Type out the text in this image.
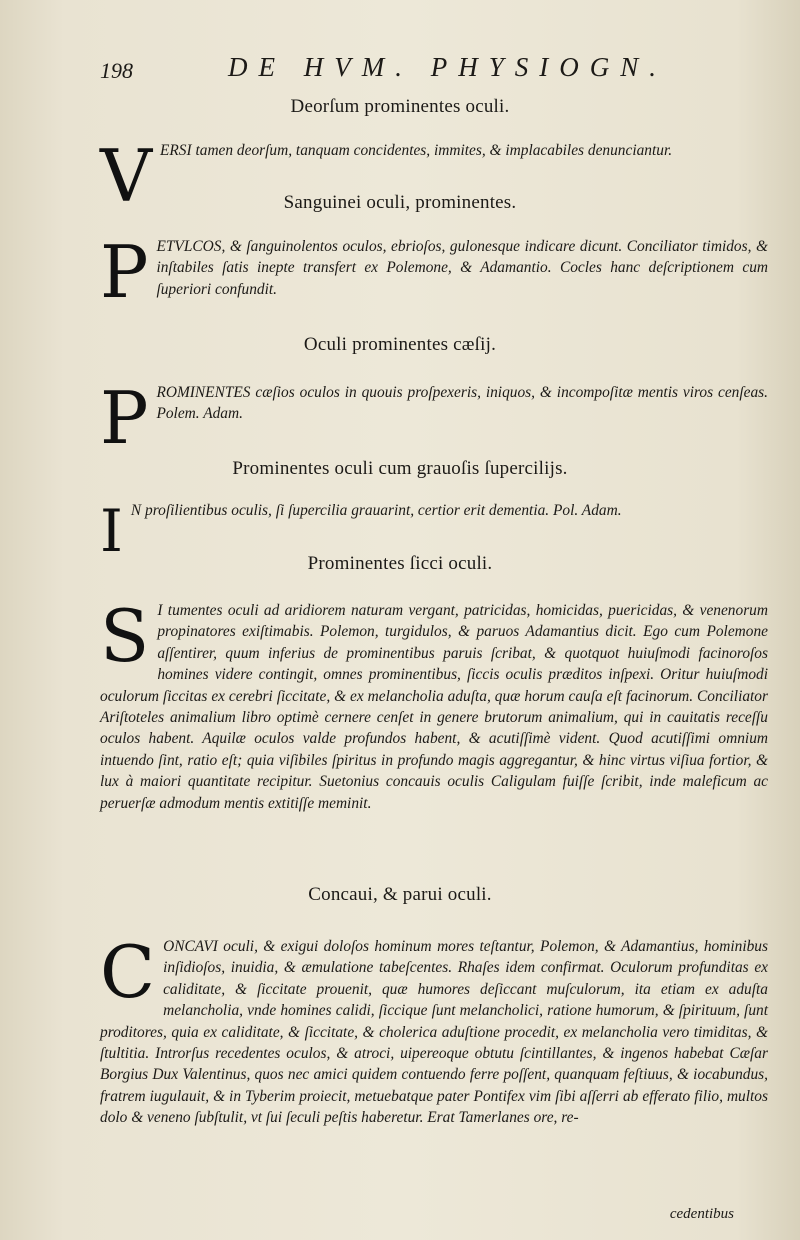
198	DE HVM. PHYSIOGN.
Deorſum prominentes oculi.
V ERSI tamen deorſum, tanquam concidentes, immites, & implacabiles denunciantur.
Sanguinei oculi, prominentes.
P ETVLCOS, & ſanguinolentos oculos, ebrioſos, gulonesque indicare dicunt. Conciliator timidos, & inſtabiles ſatis inepte transfert ex Polemone, & Adamantio. Cocles hanc deſcriptionem cum ſuperiori confundit.
Oculi prominentes cæſij.
P ROMINENTES cæſios oculos in quouis proſpexeris, iniquos, & incompoſitæ mentis viros cenſeas. Polem. Adam.
Prominentes oculi cum grauoſis ſupercilijs.
I N proſilientibus oculis, ſi ſupercilia grauarint, certior erit dementia. Pol. Adam.
Prominentes ſicci oculi.
S I tumentes oculi ad aridiorem naturam vergant, patricidas, homicidas, puericidas, & venenorum propinatores exiſtimabis. Polemon, turgidulos, & paruos Adamantius dicit. Ego cum Polemone aſſentirer, quum inferius de prominentibus paruis ſcribat, & quotquot huiuſmodi facinoroſos homines videre contingit, omnes prominentibus, ſiccis oculis præditos inſpexi. Oritur huiuſmodi oculorum ſiccitas ex cerebri ſiccitate, & ex melancholia aduſta, quæ horum cauſa eſt facinorum. Conciliator Ariſtoteles animalium libro optimè cernere cenſet in genere brutorum animalium, qui in cauitatis receſſu oculos habent. Aquilæ oculos valde profundos habent, & acutiſſimè vident. Quod acutiſſimi omnium intuendo ſint, ratio eſt; quia viſibiles ſpiritus in profundo magis aggregantur, & hinc virtus viſiua fortior, & lux à maiori quantitate recipitur. Suetonius concauis oculis Caligulam fuiſſe ſcribit, inde maleficum ac peruerſæ admodum mentis extitiſſe meminit.
Concaui, & parui oculi.
C ONCAVI oculi, & exigui doloſos hominum mores teſtantur, Polemon, & Adamantius, hominibus inſidioſos, inuidia, & æmulatione tabeſcentes. Rhaſes idem confirmat. Oculorum profunditas ex caliditate, & ſiccitate prouenit, quæ humores deſiccant muſculorum, ita etiam ex aduſta melancholia, vnde homines calidi, ſiccique ſunt melancholici, ratione humorum, & ſpirituum, ſunt proditores, quia ex caliditate, & ſiccitate, & cholerica aduſtione procedit, ex melancholia vero timiditas, & ſtultitia. Introrſus recedentes oculos, & atroci, uipereoque obtutu ſcintillantes, & ingenos habebat Cæſar Borgius Dux Valentinus, quos nec amici quidem contuendo ferre poſſent, quanquam feſtiuus, & iocabundus, fratrem iugulauit, & in Tyberim proiecit, metuebatque pater Pontifex vim ſibi aſſerri ab efferato filio, multos dolo & veneno ſubſtulit, vt ſui ſeculi peſtis haberetur. Erat Tamerlanes ore, re-
cedentibus
